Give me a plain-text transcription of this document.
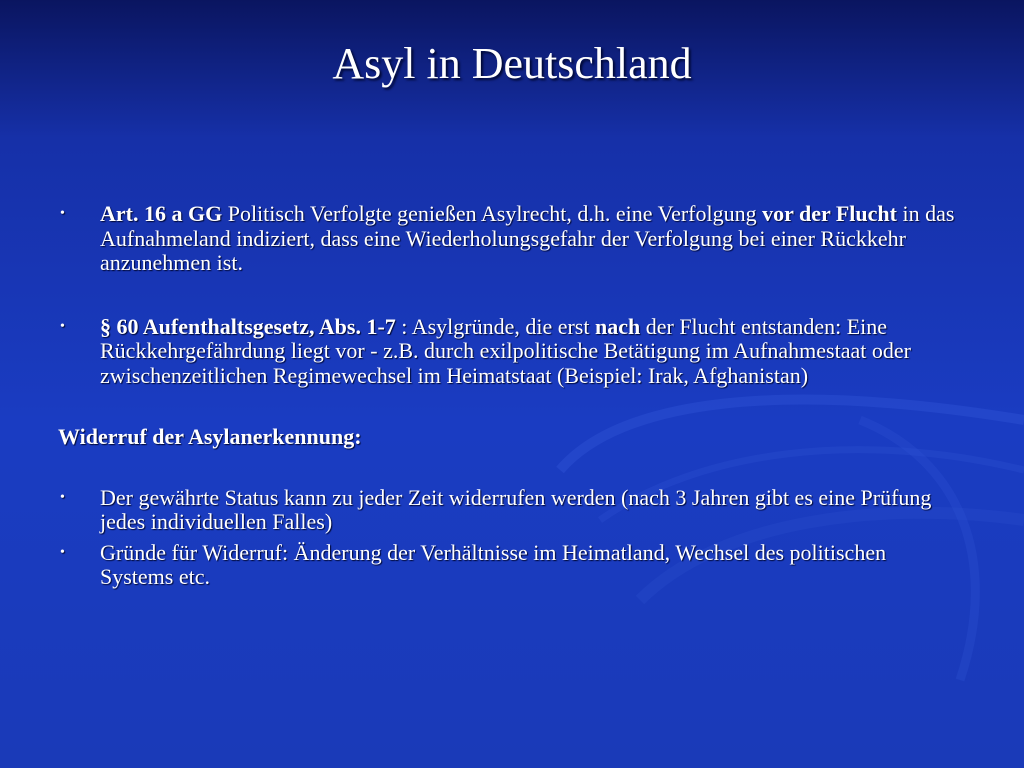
Asyl in Deutschland
• Art. 16 a GG Politisch Verfolgte genießen Asylrecht, d.h. eine Verfolgung vor der Flucht in das Aufnahmeland indiziert, dass eine Wiederholungsgefahr der Verfolgung bei einer Rückkehr anzunehmen ist.
• § 60 Aufenthaltsgesetz, Abs. 1-7 : Asylgründe, die erst nach der Flucht entstanden: Eine Rückkehrgefährdung liegt vor - z.B. durch exilpolitische Betätigung im Aufnahmestaat oder zwischenzeitlichen Regimewechsel im Heimatstaat (Beispiel: Irak, Afghanistan)
Widerruf der Asylanerkennung:
• Der gewährte Status kann zu jeder Zeit widerrufen werden (nach 3 Jahren gibt es eine Prüfung jedes individuellen Falles)
• Gründe für Widerruf: Änderung der Verhältnisse im Heimatland, Wechsel des politischen Systems etc.
